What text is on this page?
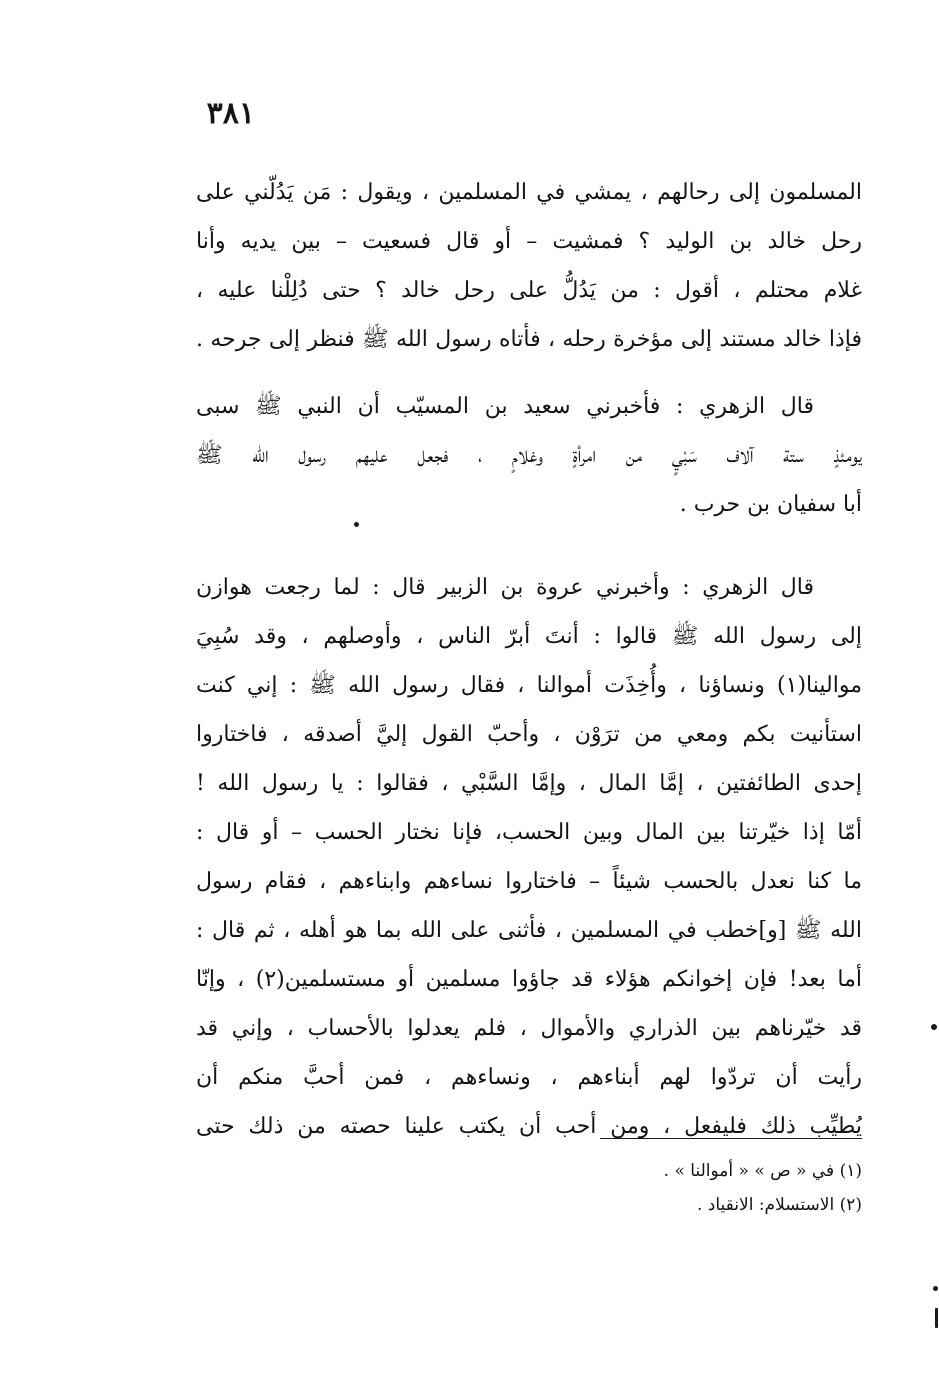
٣٨١
المسلمون إلى رحالهم ، يمشي في المسلمين ، ويقول : مَن يَدُلّني على
رحل خالد بن الوليد ؟ فمشيت – أو قال فسعيت – بين يديه وأنا
غلام محتلم ، أقول : من يَدُلُّ على رحل خالد ؟ حتى دُلِلْنا عليه ،
فإذا خالد مستند إلى مؤخرة رحله ، فأتاه رسول الله ﷺ فنظر إلى جرحه .
قال الزهري : فأخبرني سعيد بن المسيّب أن النبي ﷺ سبى
يومئذٍ ستة آلاف سَبْيٍ من امرأةٍ وغلامٍ ، فجعل عليهم رسول الله ﷺ
أبا سفيان بن حرب .
قال الزهري : وأخبرني عروة بن الزبير قال : لما رجعت هوازن
إلى رسول الله ﷺ قالوا : أنتَ أبرّ الناس ، وأوصلهم ، وقد سُبِيَ
موالينا(١) ونساؤنا ، وأُخِذَت أموالنا ، فقال رسول الله ﷺ : إني كنت
استأنيت بكم ومعي من ترَوْن ، وأحبّ القول إليَّ أصدقه ، فاختاروا
إحدى الطائفتين ، إمَّا المال ، وإمَّا السَّبْي ، فقالوا : يا رسول الله !
أمّا إذا خيّرتنا بين المال وبين الحسب، فإنا نختار الحسب – أو قال :
ما كنا نعدل بالحسب شيئاً – فاختاروا نساءهم وابناءهم ، فقام رسول
الله ﷺ [و]خطب في المسلمين ، فأثنى على الله بما هو أهله ، ثم قال :
أما بعد! فإن إخوانكم هؤلاء قد جاؤوا مسلمين أو مستسلمين(٢) ، وإنّا
قد خيّرناهم بين الذراري والأموال ، فلم يعدلوا بالأحساب ، وإني قد
رأيت أن تردّوا لهم أبناءهم ، ونساءهم ، فمن أحبَّ منكم أن
يُطيِّب ذلك فليفعل ، ومن أحب أن يكتب علينا حصته من ذلك حتى
(١) في « ص » « أموالنا » .
(٢) الاستسلام: الانقياد .
